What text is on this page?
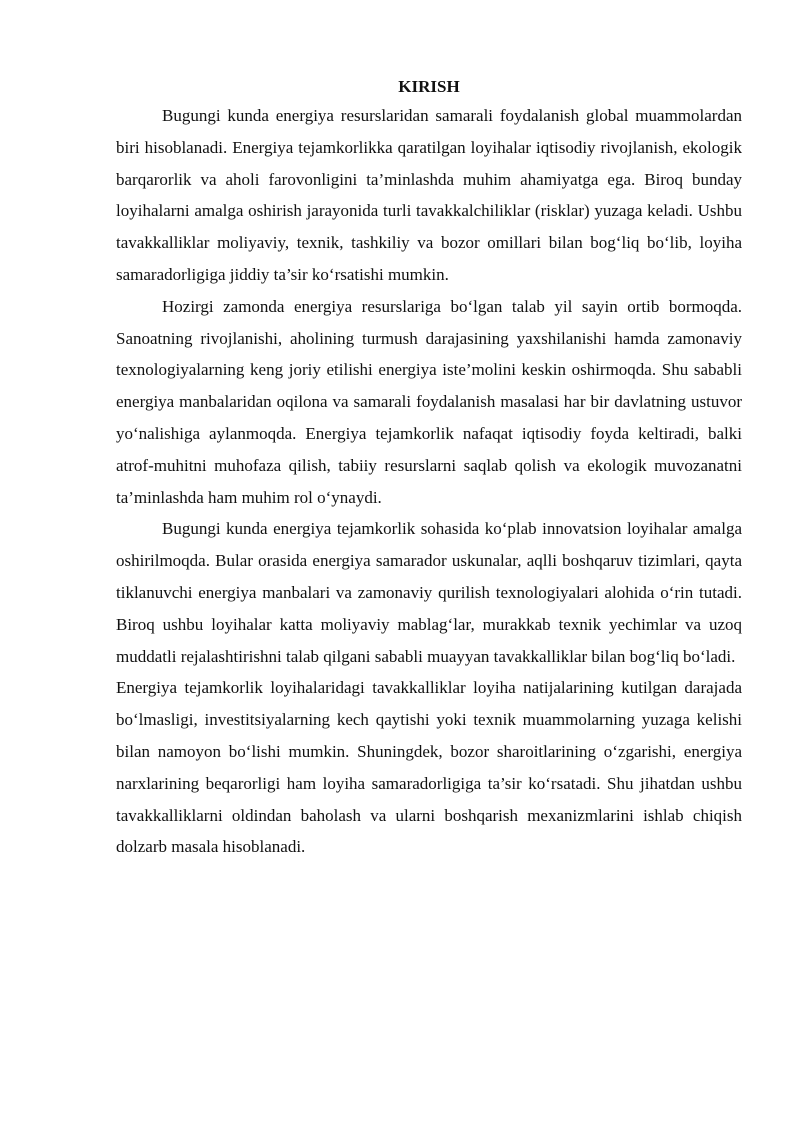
KIRISH

Bugungi kunda energiya resurslaridan samarali foydalanish global muammolardan biri hisoblanadi. Energiya tejamkorlikka qaratilgan loyihalar iqtisodiy rivojlanish, ekologik barqarorlik va aholi farovonligini ta’minlashda muhim ahamiyatga ega. Biroq bunday loyihalarni amalga oshirish jarayonida turli tavakkalchiliklar (risklar) yuzaga keladi. Ushbu tavakkalliklar moliyaviy, texnik, tashkiliy va bozor omillari bilan bog‘liq bo‘lib, loyiha samaradorligiga jiddiy ta’sir ko‘rsatishi mumkin.

Hozirgi zamonda energiya resurslariga bo‘lgan talab yil sayin ortib bormoqda. Sanoatning rivojlanishi, aholining turmush darajasining yaxshilanishi hamda zamonaviy texnologiyalarning keng joriy etilishi energiya iste’molini keskin oshirmoqda. Shu sababli energiya manbalaridan oqilona va samarali foydalanish masalasi har bir davlatning ustuvor yo‘nalishiga aylanmoqda. Energiya tejamkorlik nafaqat iqtisodiy foyda keltiradi, balki atrof-muhitni muhofaza qilish, tabiiy resurslarni saqlab qolish va ekologik muvozanatni ta’minlashda ham muhim rol o‘ynaydi.

Bugungi kunda energiya tejamkorlik sohasida ko‘plab innovatsion loyihalar amalga oshirilmoqda. Bular orasida energiya samarador uskunalar, aqlli boshqaruv tizimlari, qayta tiklanuvchi energiya manbalari va zamonaviy qurilish texnologiyalari alohida o‘rin tutadi. Biroq ushbu loyihalar katta moliyaviy mablag‘lar, murakkab texnik yechimlar va uzoq muddatli rejalashtirishni talab qilgani sababli muayyan tavakkalliklar bilan bog‘liq bo‘ladi.

Energiya tejamkorlik loyihalaridagi tavakkalliklar loyiha natijalarining kutilgan darajada bo‘lmasligi, investitsiyalarning kech qaytishi yoki texnik muammolarning yuzaga kelishi bilan namoyon bo‘lishi mumkin. Shuningdek, bozor sharoitlarining o‘zgarishi, energiya narxlarining beqarorligi ham loyiha samaradorligiga ta’sir ko‘rsatadi. Shu jihatdan ushbu tavakkalliklarni oldindan baholash va ularni boshqarish mexanizmlarini ishlab chiqish dolzarb masala hisoblanadi.
